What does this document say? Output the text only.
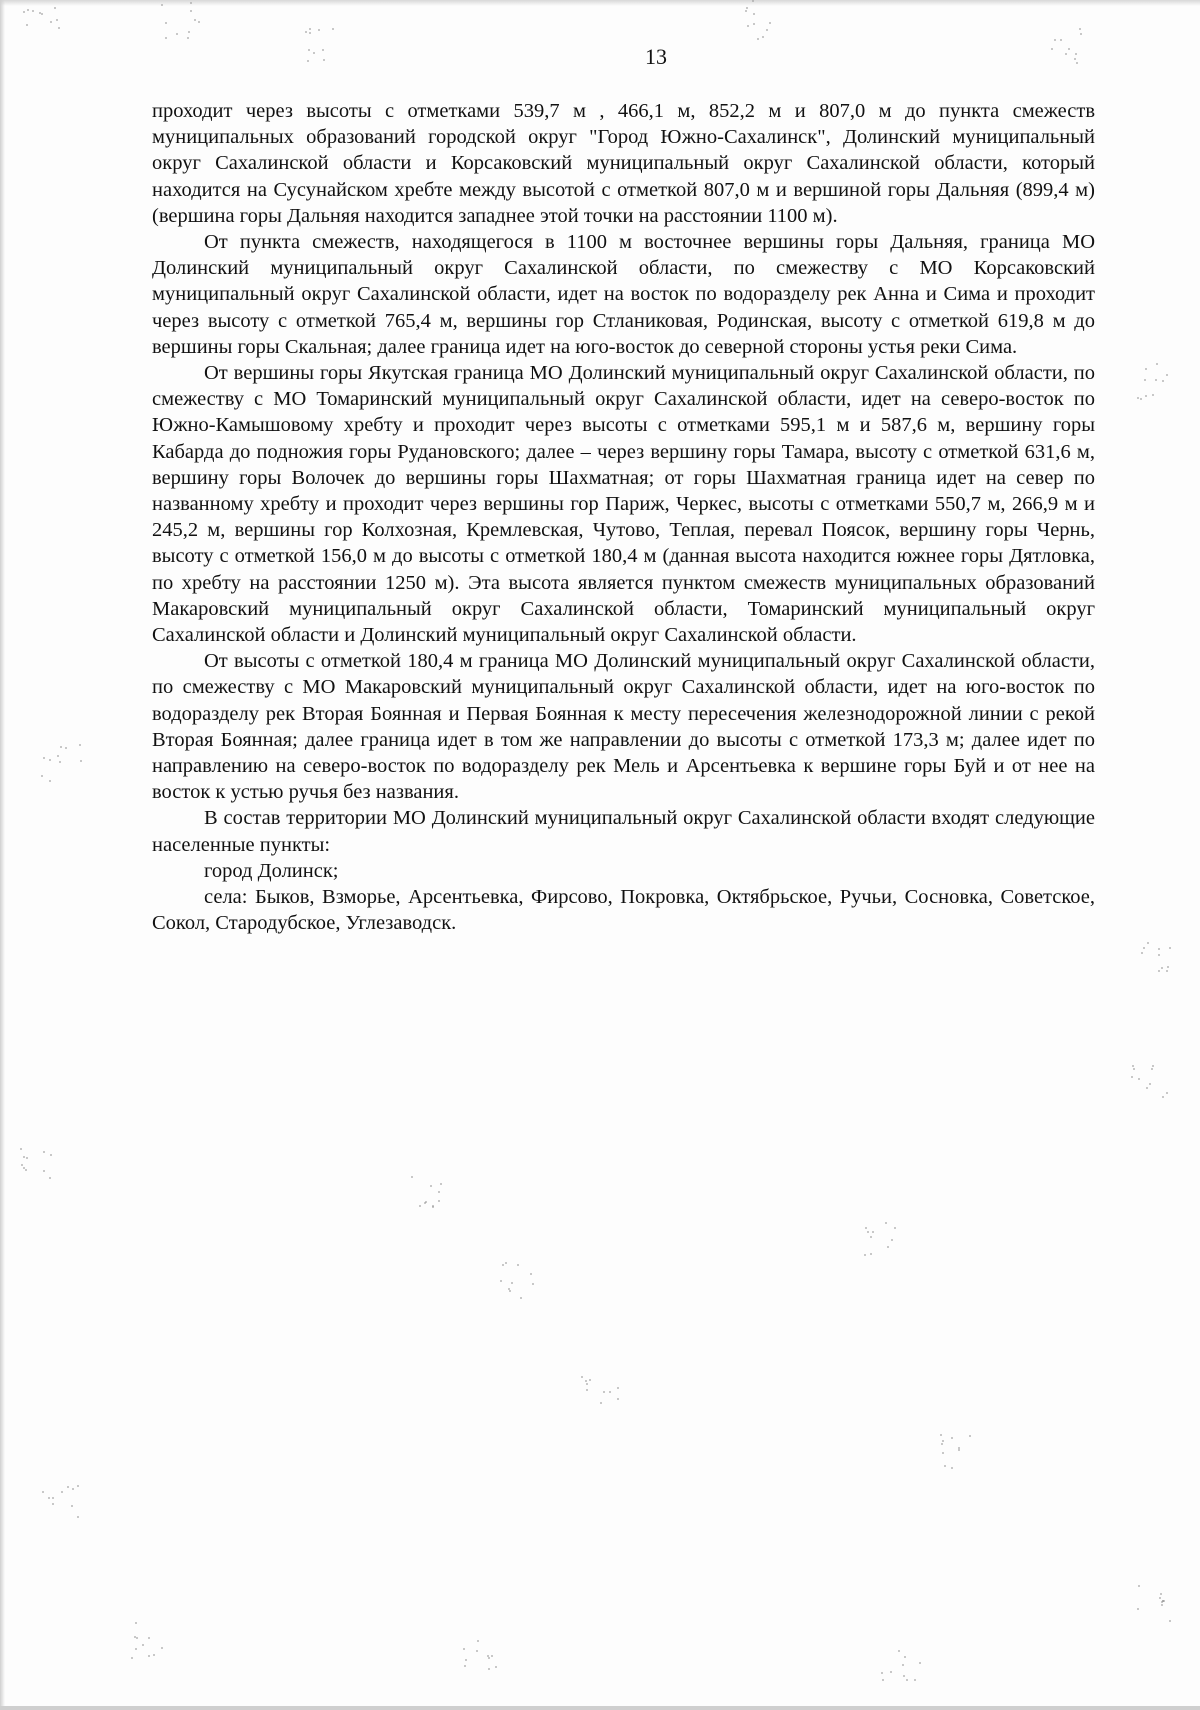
13

проходит через высоты с отметками 539,7 м , 466,1 м, 852,2 м и 807,0 м до пункта смежеств муниципальных образований городской округ "Город Южно-Сахалинск", Долинский муниципальный округ Сахалинской области и Корсаковский муниципальный округ Сахалинской области, который находится на Сусунайском хребте между высотой с отметкой 807,0 м и вершиной горы Дальняя (899,4 м) (вершина горы Дальняя находится западнее этой точки на расстоянии 1100 м).

От пункта смежеств, находящегося в 1100 м восточнее вершины горы Дальняя, граница МО Долинский муниципальный округ Сахалинской области, по смежеству с МО Корсаковский муниципальный округ Сахалинской области, идет на восток по водоразделу рек Анна и Сима и проходит через высоту с отметкой 765,4 м, вершины гор Стланиковая, Родинская, высоту с отметкой 619,8 м до вершины горы Скальная; далее граница идет на юго-восток до северной стороны устья реки Сима.

От вершины горы Якутская граница МО Долинский муниципальный округ Сахалинской области, по смежеству с МО Томаринский муниципальный округ Сахалинской области, идет на северо-восток по Южно-Камышовому хребту и проходит через высоты с отметками 595,1 м и 587,6 м, вершину горы Кабарда до подножия горы Рудановского; далее – через вершину горы Тамара, высоту с отметкой 631,6 м, вершину горы Волочек до вершины горы Шахматная; от горы Шахматная граница идет на север по названному хребту и проходит через вершины гор Париж, Черкес, высоты с отметками 550,7 м, 266,9 м и 245,2 м, вершины гор Колхозная, Кремлевская, Чутово, Теплая, перевал Поясок, вершину горы Чернь, высоту с отметкой 156,0 м до высоты с отметкой 180,4 м (данная высота находится южнее горы Дятловка, по хребту на расстоянии 1250 м). Эта высота является пунктом смежеств муниципальных образований Макаровский муниципальный округ Сахалинской области, Томаринский муниципальный округ Сахалинской области и Долинский муниципальный округ Сахалинской области.

От высоты с отметкой 180,4 м граница МО Долинский муниципальный округ Сахалинской области, по смежеству с МО Макаровский муниципальный округ Сахалинской области, идет на юго-восток по водоразделу рек Вторая Боянная и Первая Боянная к месту пересечения железнодорожной линии с рекой Вторая Боянная; далее граница идет в том же направлении до высоты с отметкой 173,3 м; далее идет по направлению на северо-восток по водоразделу рек Мель и Арсентьевка к вершине горы Буй и от нее на восток к устью ручья без названия.

В состав территории МО Долинский муниципальный округ Сахалинской области входят следующие населенные пункты:

город Долинск;

села: Быков, Взморье, Арсентьевка, Фирсово, Покровка, Октябрьское, Ручьи, Сосновка, Советское, Сокол, Стародубское, Углезаводск.
